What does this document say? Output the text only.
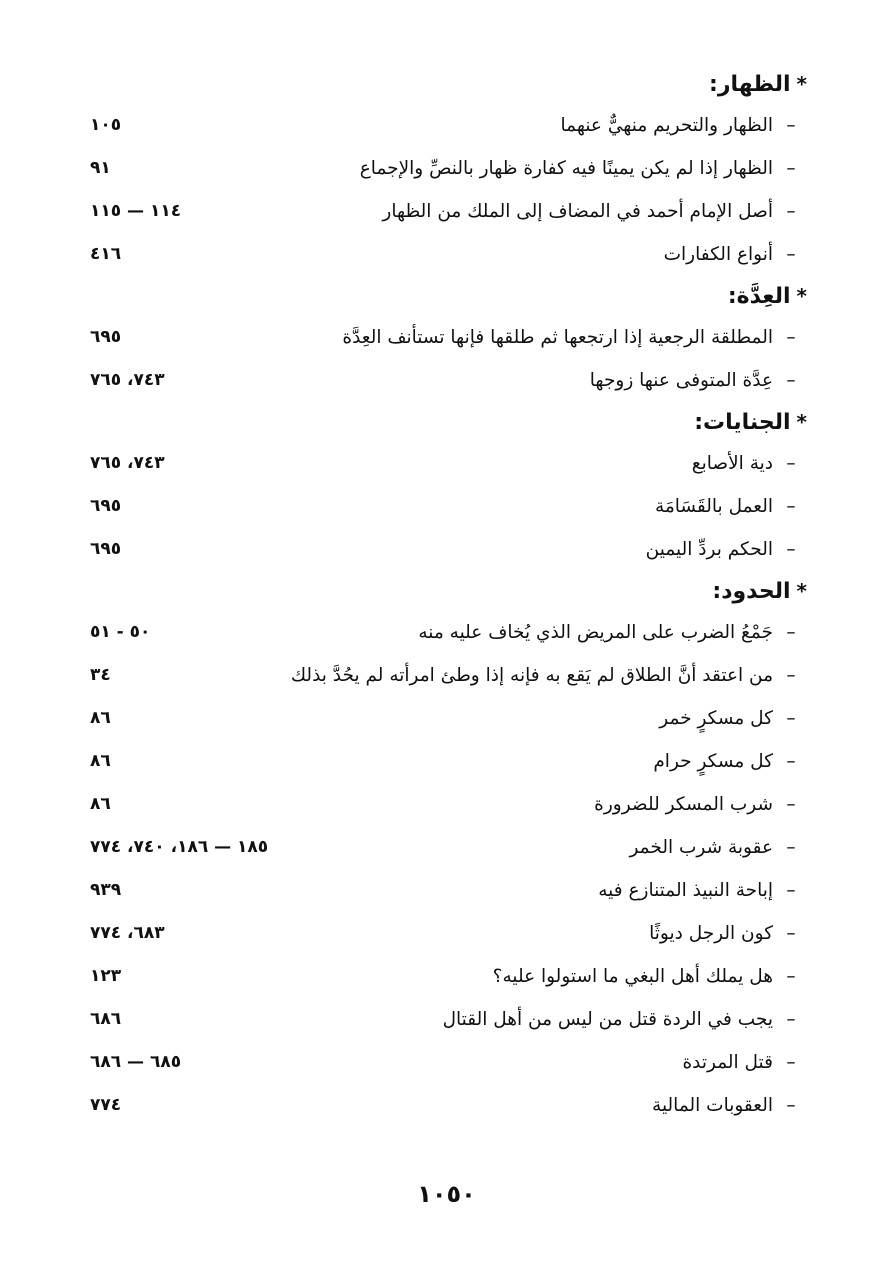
*الظهار:
–
الظهار والتحريم منهيٌّ عنهما
١٠٥
–
الظهار إذا لم يكن يمينًا فيه كفارة ظهار بالنصِّ والإجماع
٩١
–
أصل الإمام أحمد في المضاف إلى الملك من الظهار
١١٤ — ١١٥
–
أنواع الكفارات
٤١٦
*العِدَّة:
–
المطلقة الرجعية إذا ارتجعها ثم طلقها فإنها تستأنف العِدَّة
٦٩٥
–
عِدَّة المتوفى عنها زوجها
٧٤٣، ٧٦٥
*الجنايات:
–
دية الأصابع
٧٤٣، ٧٦٥
–
العمل بالقَسَامَة
٦٩٥
–
الحكم بردِّ اليمين
٦٩٥
*الحدود:
–
جَمْعُ الضرب على المريض الذي يُخاف عليه منه
٥٠ - ٥١
–
من اعتقد أنَّ الطلاق لم يَقع به فإنه إذا وطئ امرأته لم يحُدَّ بذلك
٣٤
–
كل مسكرٍ خمر
٨٦
–
كل مسكرٍ حرام
٨٦
–
شرب المسكر للضرورة
٨٦
–
عقوبة شرب الخمر
١٨٥ — ١٨٦، ٧٤٠، ٧٧٤
–
إباحة النبيذ المتنازع فيه
٩٣٩
–
كون الرجل ديوثًا
٦٨٣، ٧٧٤
–
هل يملك أهل البغي ما استولوا عليه؟
١٢٣
–
يجب في الردة قتل من ليس من أهل القتال
٦٨٦
–
قتل المرتدة
٦٨٥ — ٦٨٦
–
العقوبات المالية
٧٧٤
١٠٥٠
